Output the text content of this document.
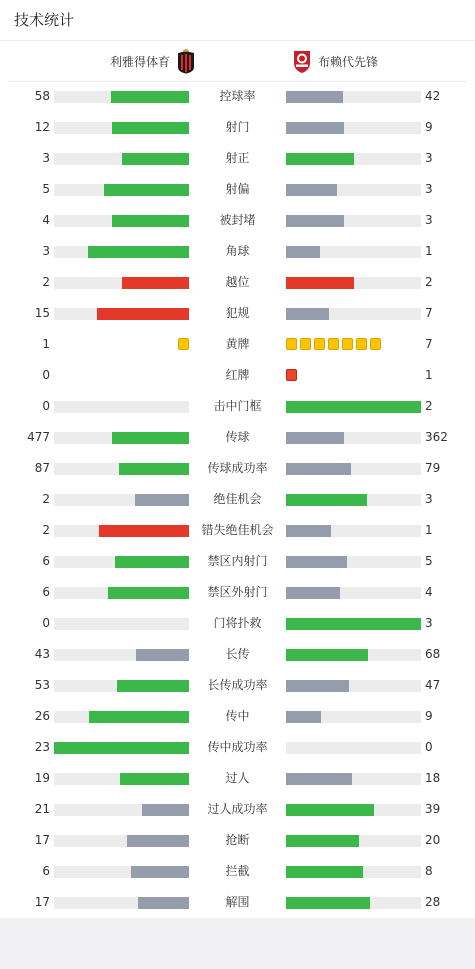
技术统计
利雅得体育	布赖代先锋
58	控球率	42
12	射门	9
3	射正	3
5	射偏	3
4	被封堵	3
3	角球	1
2	越位	2
15	犯规	7
1	黄牌	7
0	红牌	1
0	击中门框	2
477	传球	362
87	传球成功率	79
2	绝佳机会	3
2	错失绝佳机会	1
6	禁区内射门	5
6	禁区外射门	4
0	门将扑救	3
43	长传	68
53	长传成功率	47
26	传中	9
23	传中成功率	0
19	过人	18
21	过人成功率	39
17	抢断	20
6	拦截	8
17	解围	28
